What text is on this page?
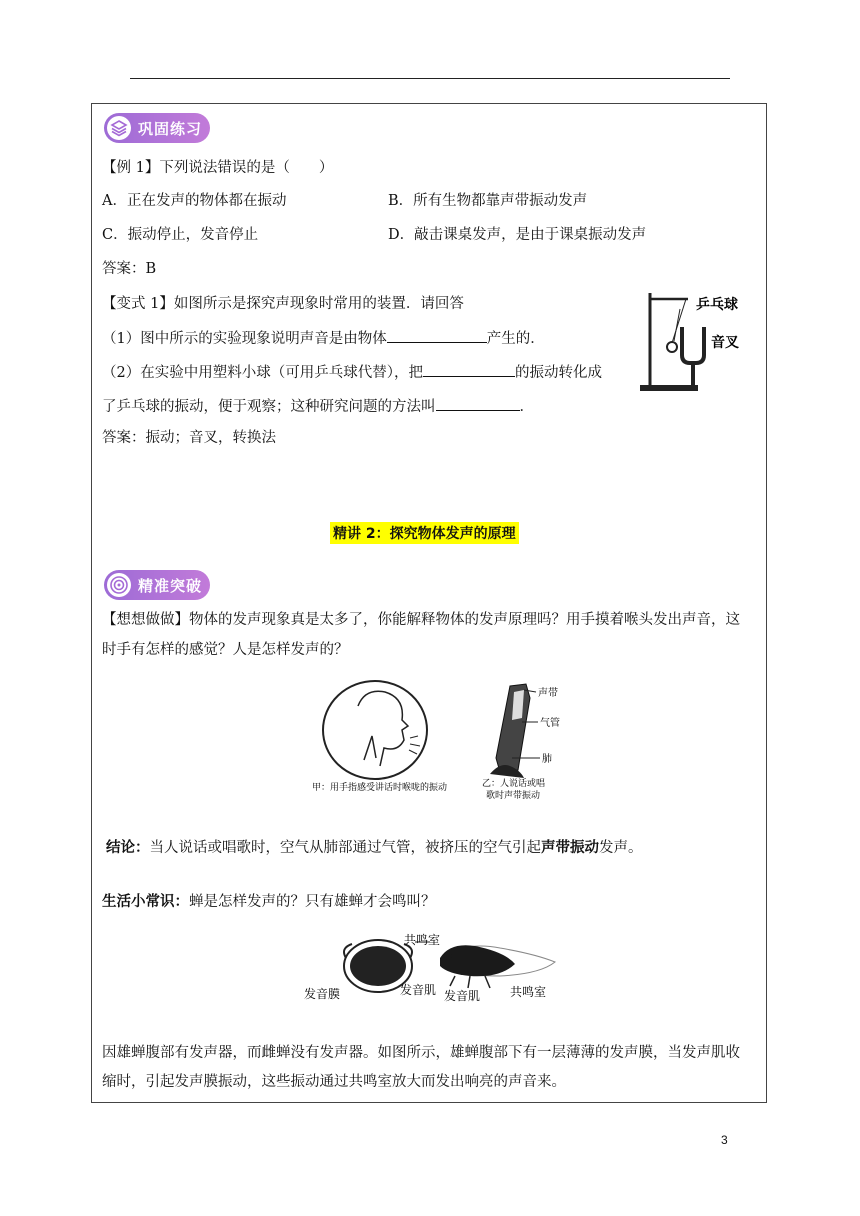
巩固练习
【例 1】下列说法错误的是（　　）
A．正在发声的物体都在振动	B．所有生物都靠声带振动发声
C．振动停止，发音停止	D．敲击课桌发声，是由于课桌振动发声
答案：B
【变式 1】如图所示是探究声现象时常用的装置．请回答
（1）图中所示的实验现象说明声音是由物体	产生的．
（2）在实验中用塑料小球（可用乒乓球代替），把	的振动转化成
了乒乓球的振动，便于观察；这种研究问题的方法叫	．
答案：振动；音叉，转换法
乒乓球
音叉
精讲 2：探究物体发声的原理
精准突破
【想想做做】物体的发声现象真是太多了，你能解释物体的发声原理吗？用手摸着喉头发出声音，这
时手有怎样的感觉？人是怎样发声的？
甲：用手指感受讲话时喉咙的振动
声带
气管
肺
乙：人说话或唱
歌时声带振动
结论：当人说话或唱歌时，空气从肺部通过气管，被挤压的空气引起声带振动发声。
生活小常识：蝉是怎样发声的？只有雄蝉才会鸣叫？
共鸣室
发音膜	发音肌 发音肌 共鸣室
因雄蝉腹部有发声器，而雌蝉没有发声器。如图所示，雄蝉腹部下有一层薄薄的发声膜，当发声肌收
缩时，引起发声膜振动，这些振动通过共鸣室放大而发出响亮的声音来。
3
